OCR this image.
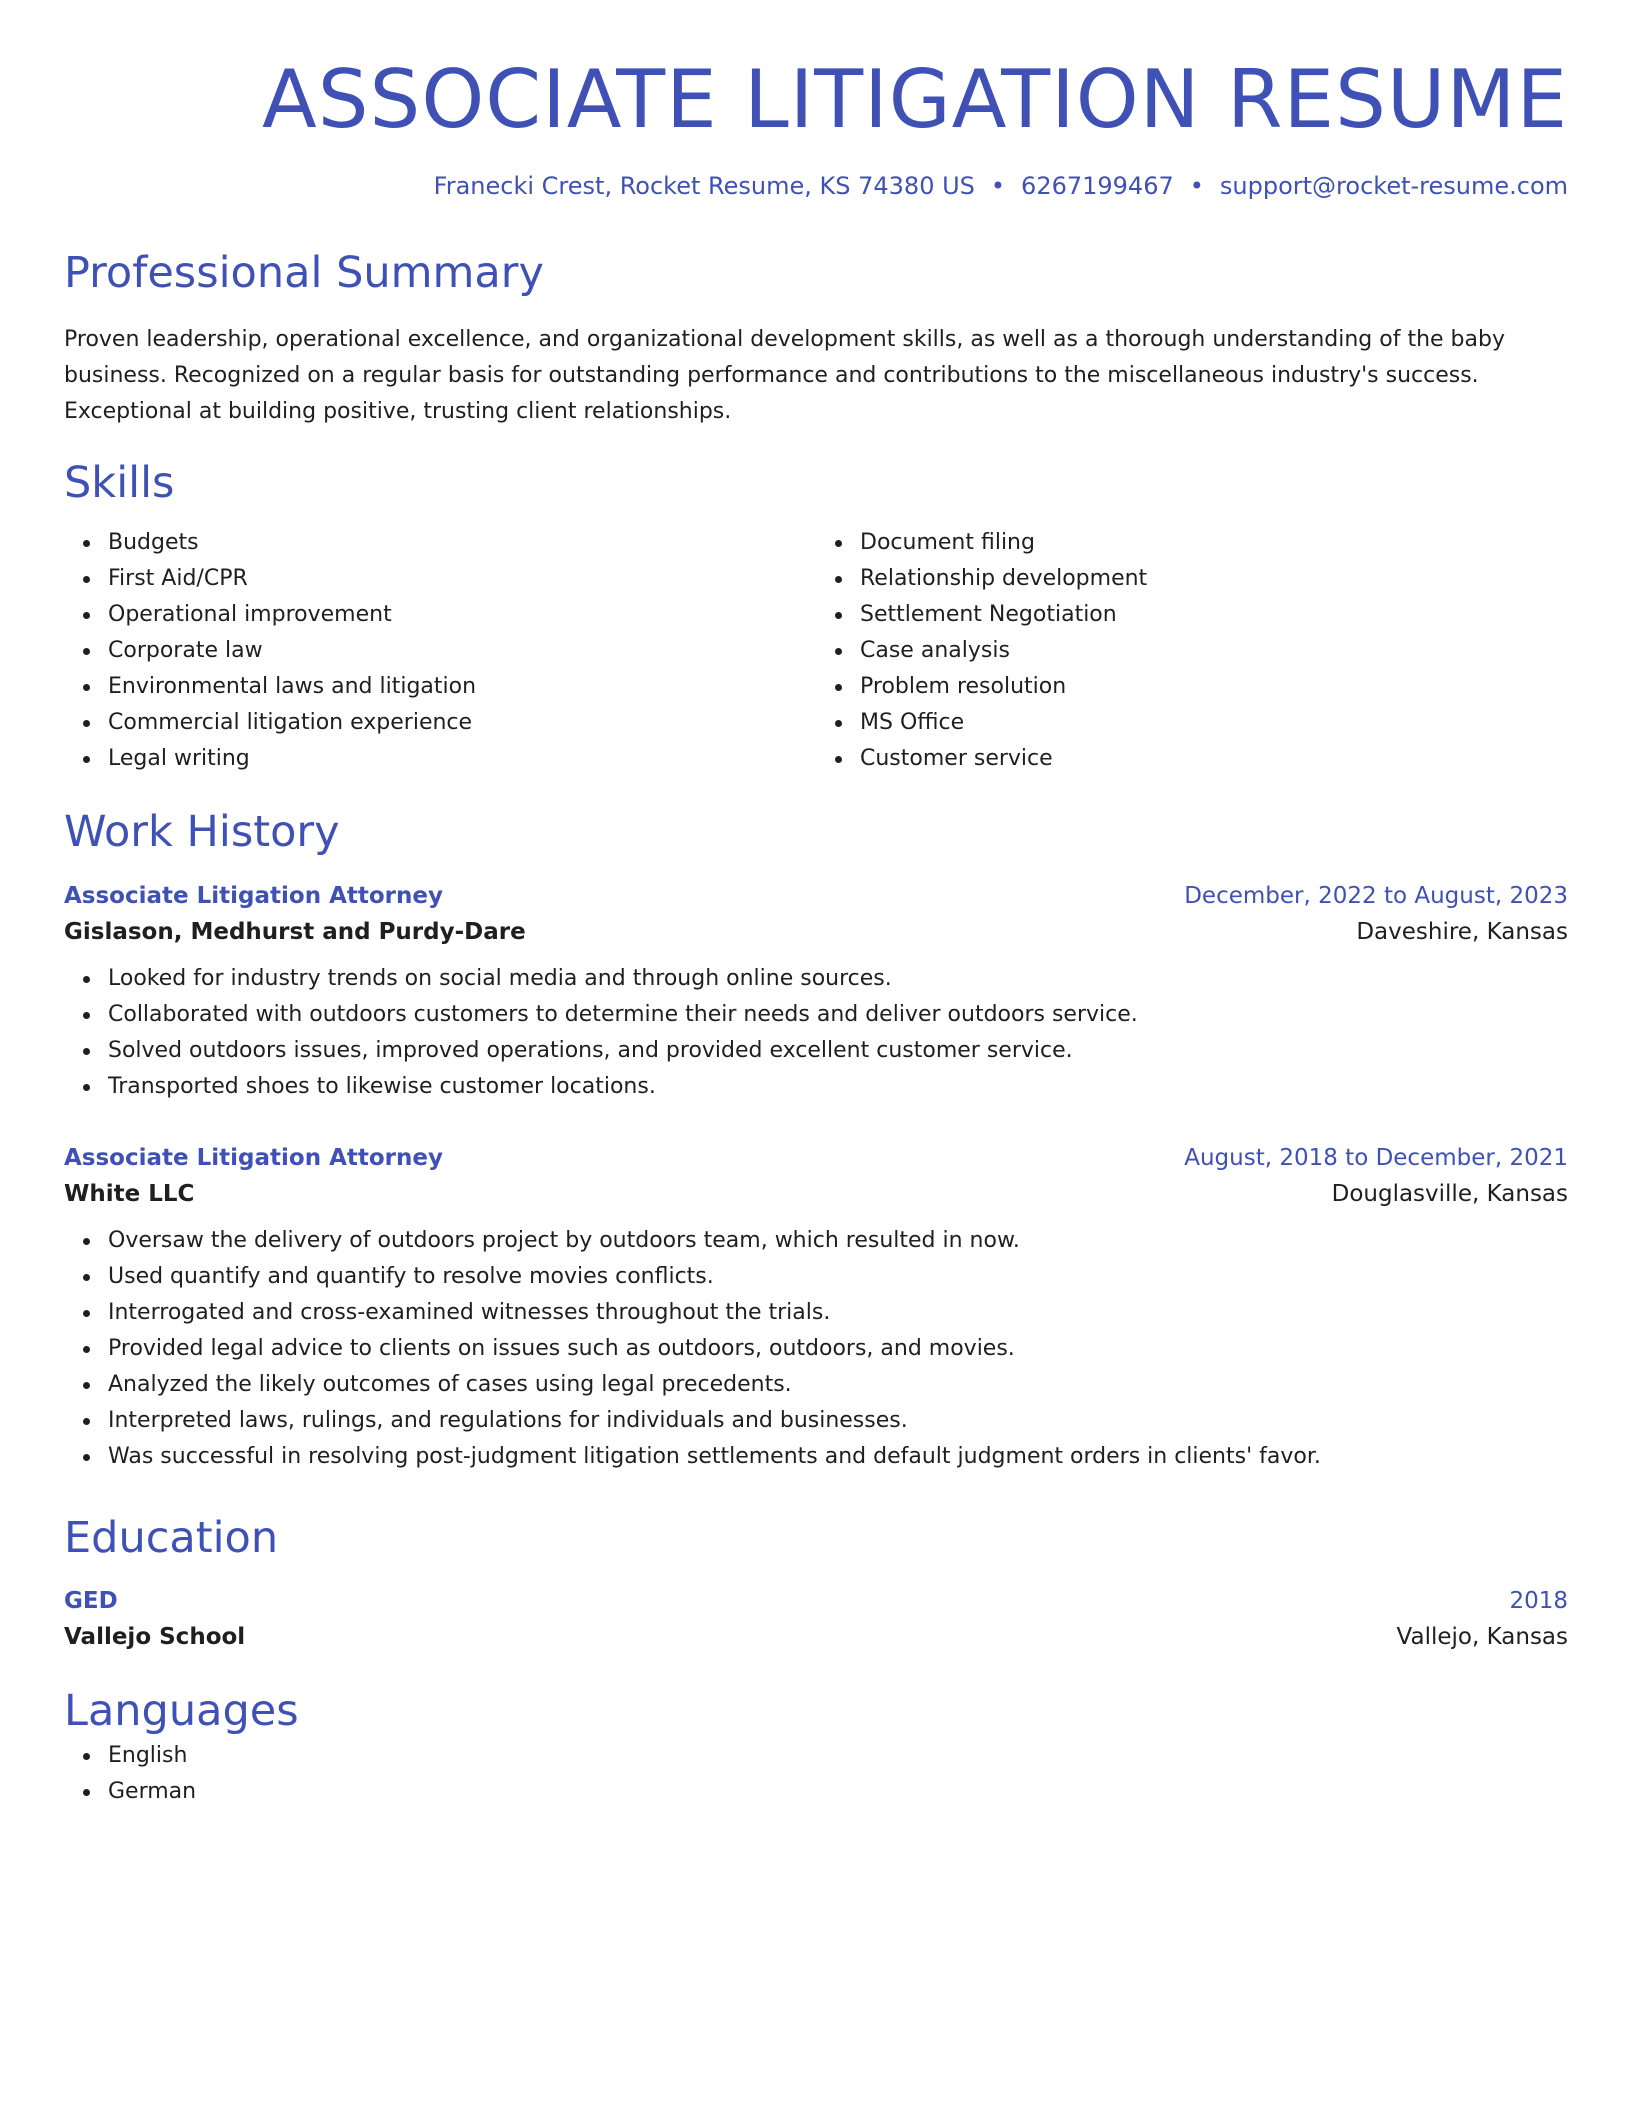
ASSOCIATE LITIGATION RESUME
Franecki Crest, Rocket Resume, KS 74380 US • 6267199467 • support@rocket-resume.com
Professional Summary

Proven leadership, operational excellence, and organizational development skills, as well as a thorough understanding of the baby business. Recognized on a regular basis for outstanding performance and contributions to the miscellaneous industry's success. Exceptional at building positive, trusting client relationships.

Skills
Budgets
First Aid/CPR
Operational improvement
Corporate law
Environmental laws and litigation
Commercial litigation experience
Legal writing
Document filing
Relationship development
Settlement Negotiation
Case analysis
Problem resolution
MS Office
Customer service
Work History
Associate Litigation Attorney	December, 2022 to August, 2023
Gislason, Medhurst and Purdy-Dare	Daveshire, Kansas
Looked for industry trends on social media and through online sources.
Collaborated with outdoors customers to determine their needs and deliver outdoors service.
Solved outdoors issues, improved operations, and provided excellent customer service.
Transported shoes to likewise customer locations.
Associate Litigation Attorney	August, 2018 to December, 2021
White LLC	Douglasville, Kansas
Oversaw the delivery of outdoors project by outdoors team, which resulted in now.
Used quantify and quantify to resolve movies conflicts.
Interrogated and cross-examined witnesses throughout the trials.
Provided legal advice to clients on issues such as outdoors, outdoors, and movies.
Analyzed the likely outcomes of cases using legal precedents.
Interpreted laws, rulings, and regulations for individuals and businesses.
Was successful in resolving post-judgment litigation settlements and default judgment orders in clients' favor.
Education
GED	2018
Vallejo School	Vallejo, Kansas
Languages
English
German
